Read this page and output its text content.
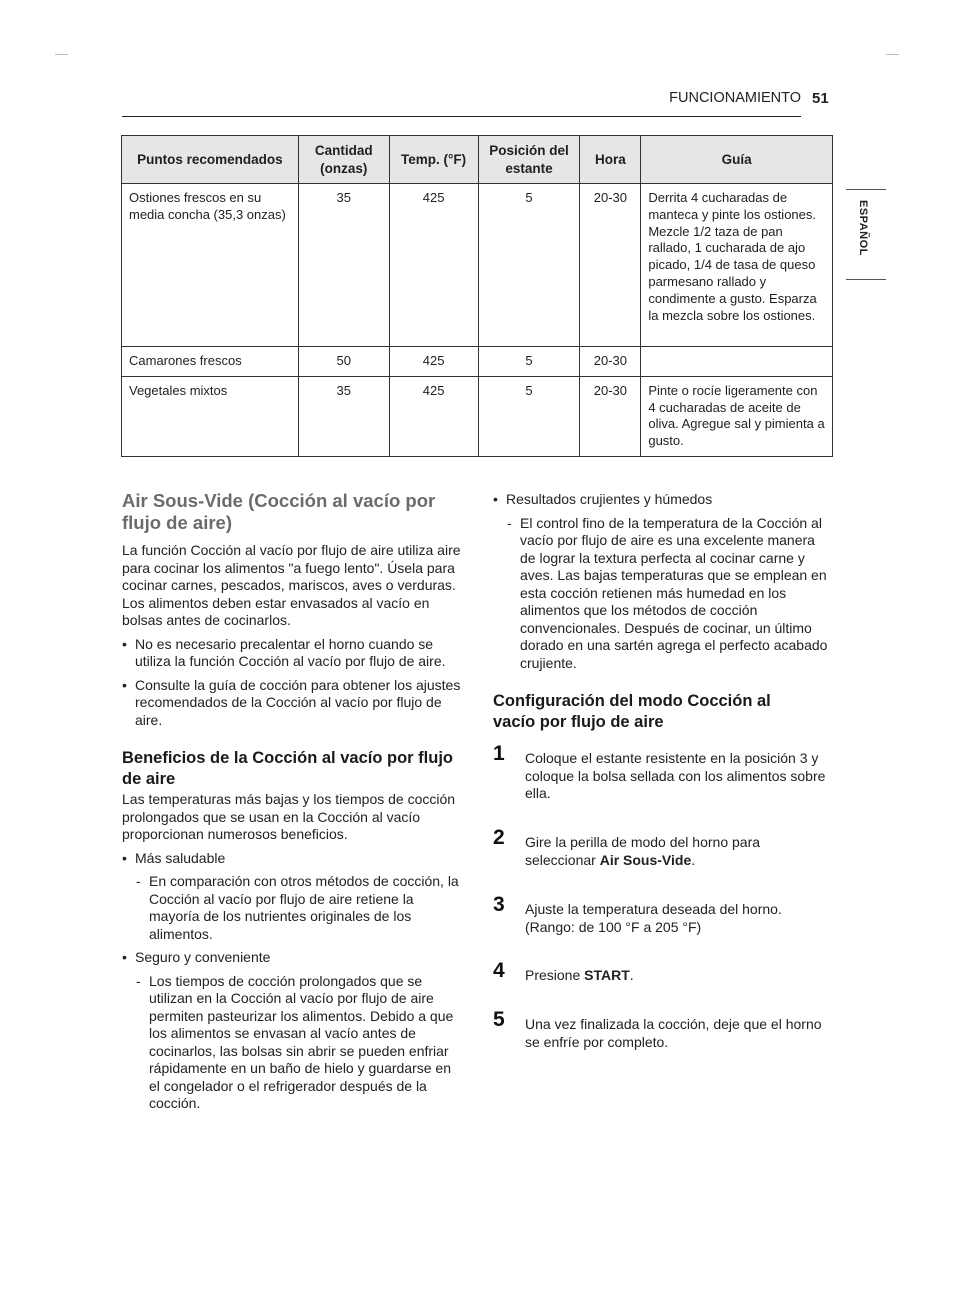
FUNCIONAMIENTO 51
ESPAÑOL
Puntos recomendados	Cantidad (onzas)	Temp. (°F)	Posición del estante	Hora	Guía
Ostiones frescos en su media concha (35,3 onzas)	35	425	5	20-30	Derrita 4 cucharadas de manteca y pinte los ostiones. Mezcle 1/2 taza de pan rallado, 1 cucharada de ajo picado, 1/4 de tasa de queso parmesano rallado y condimente a gusto. Esparza la mezcla sobre los ostiones.
Camarones frescos	50	425	5	20-30	
Vegetales mixtos	35	425	5	20-30	Pinte o rocíe ligeramente con 4 cucharadas de aceite de oliva. Agregue sal y pimienta a gusto.

Air Sous-Vide (Cocción al vacío por flujo de aire)

La función Cocción al vacío por flujo de aire utiliza aire para cocinar los alimentos "a fuego lento". Úsela para cocinar carnes, pescados, mariscos, aves o verduras. Los alimentos deben estar envasados al vacío en bolsas antes de cocinarlos.

• No es necesario precalentar el horno cuando se utiliza la función Cocción al vacío por flujo de aire.

• Consulte la guía de cocción para obtener los ajustes recomendados de la Cocción al vacío por flujo de aire.

Beneficios de la Cocción al vacío por flujo de aire

Las temperaturas más bajas y los tiempos de cocción prolongados que se usan en la Cocción al vacío proporcionan numerosos beneficios.

• Más saludable

- En comparación con otros métodos de cocción, la Cocción al vacío por flujo de aire retiene la mayoría de los nutrientes originales de los alimentos.

• Seguro y conveniente

- Los tiempos de cocción prolongados que se utilizan en la Cocción al vacío por flujo de aire permiten pasteurizar los alimentos. Debido a que los alimentos se envasan al vacío antes de cocinarlos, las bolsas sin abrir se pueden enfriar rápidamente en un baño de hielo y guardarse en el congelador o el refrigerador después de la cocción.

• Resultados crujientes y húmedos

- El control fino de la temperatura de la Cocción al vacío por flujo de aire es una excelente manera de lograr la textura perfecta al cocinar carne y aves. Las bajas temperaturas que se emplean en esta cocción retienen más humedad en los alimentos que los métodos de cocción convencionales. Después de cocinar, un último dorado en una sartén agrega el perfecto acabado crujiente.

Configuración del modo Cocción al vacío por flujo de aire

1 Coloque el estante resistente en la posición 3 y coloque la bolsa sellada con los alimentos sobre ella.

2 Gire la perilla de modo del horno para seleccionar Air Sous-Vide.

3 Ajuste la temperatura deseada del horno. (Rango: de 100 °F a 205 °F)

4 Presione START.

5 Una vez finalizada la cocción, deje que el horno se enfríe por completo.
